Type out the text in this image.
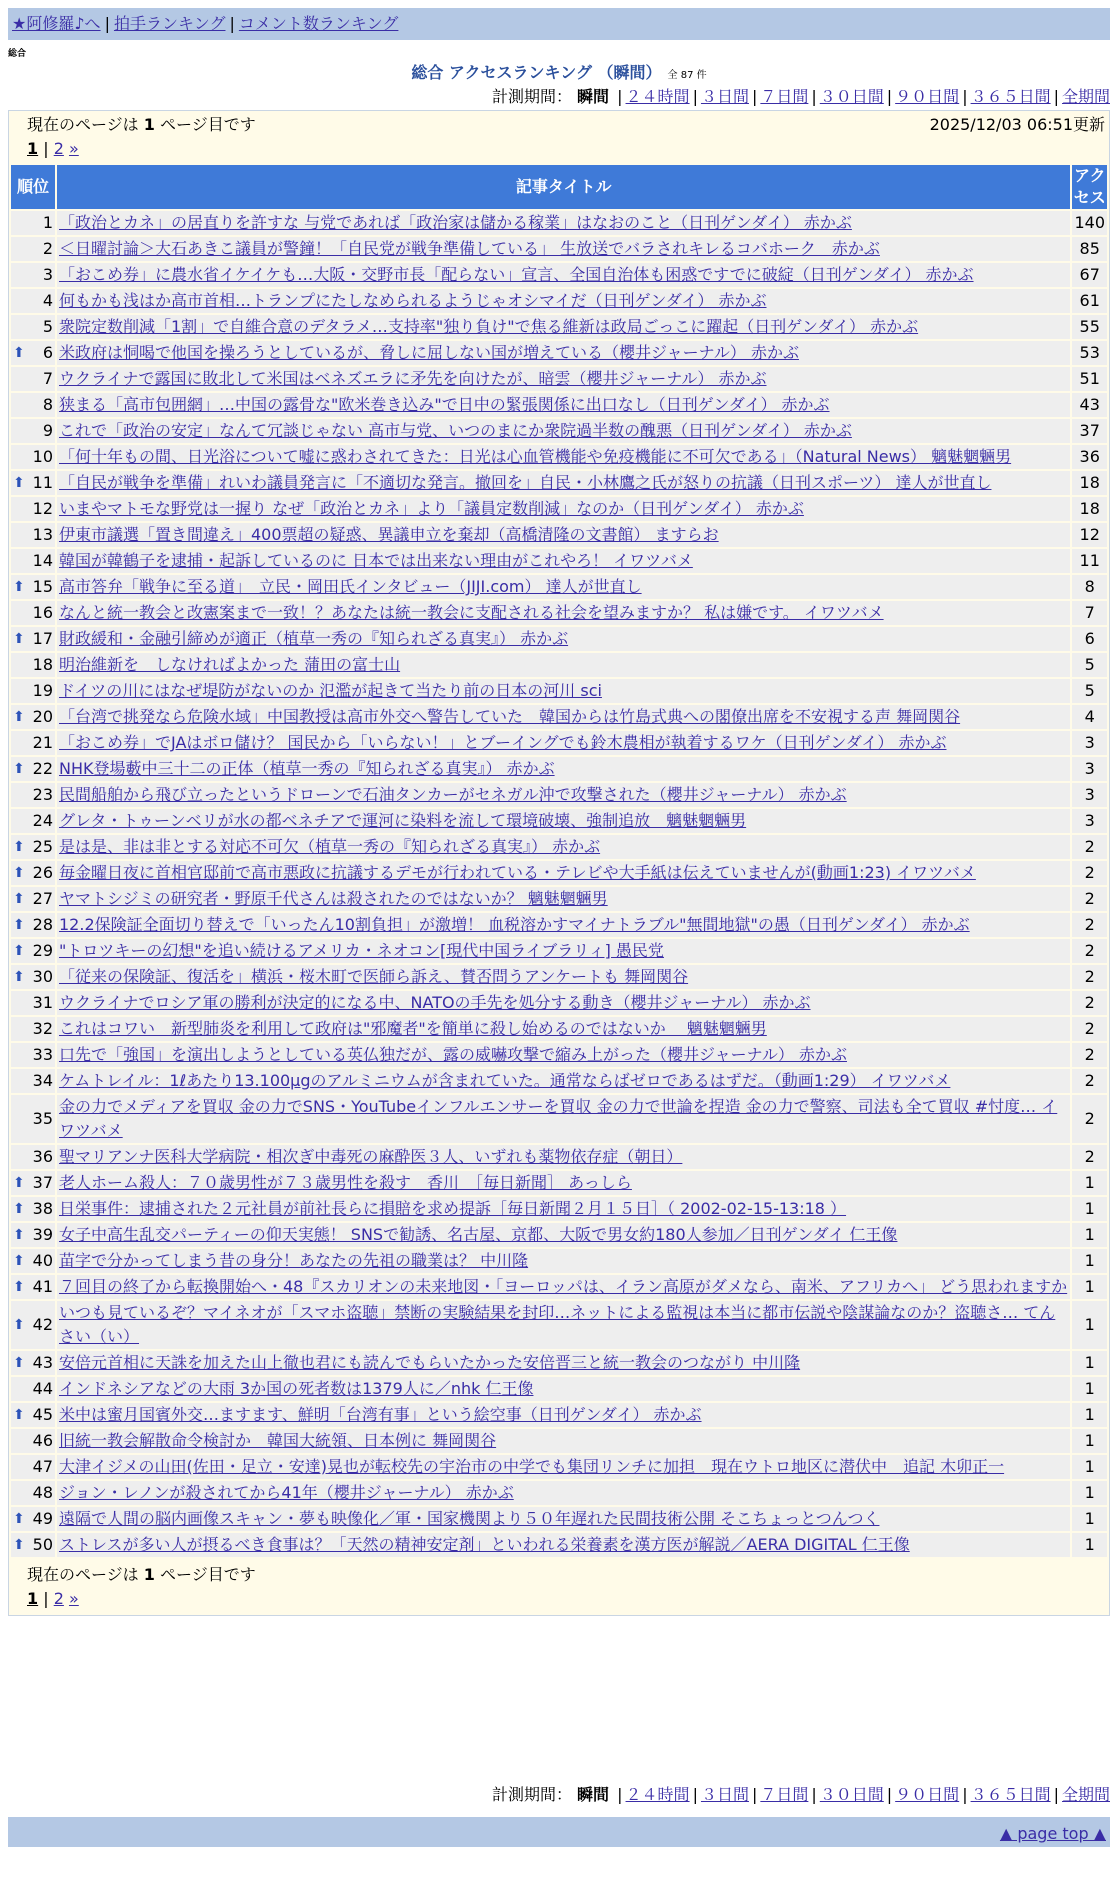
★阿修羅♪へ | 拍手ランキング | コメント数ランキング
総合
総合 アクセスランキング （瞬間） 全 87 件
計測期間： 瞬間 | ２４時間 | ３日間 | ７日間 | ３０日間 | ９０日間 | ３６５日間 | 全期間
現在のページは 1 ページ目です	2025/12/03 06:51更新
1 | 2 »
順位	記事タイトル	アクセス
1	「政治とカネ」の居直りを許すな 与党であれば「政治家は儲かる稼業」はなおのこと（日刊ゲンダイ） 赤かぶ	140
2	＜日曜討論＞大石あきこ議員が警鐘！「自民党が戦争準備している」 生放送でバラされキレるコバホーク　赤かぶ	85
3	「おこめ券」に農水省イケイケも…大阪・交野市長「配らない」宣言、全国自治体も困惑ですでに破綻（日刊ゲンダイ） 赤かぶ	67
4	何もかも浅はか高市首相…トランプにたしなめられるようじゃオシマイだ（日刊ゲンダイ） 赤かぶ	61
5	衆院定数削減「1割」で自維合意のデタラメ…支持率"独り負け"で焦る維新は政局ごっこに躍起（日刊ゲンダイ） 赤かぶ	55

⬆ 6	米政府は恫喝で他国を操ろうとしているが、脅しに屈しない国が増えている（櫻井ジャーナル） 赤かぶ	53
7	ウクライナで露国に敗北して米国はベネズエラに矛先を向けたが、暗雲（櫻井ジャーナル） 赤かぶ	51
8	狭まる「高市包囲網」…中国の露骨な"欧米巻き込み"で日中の緊張関係に出口なし（日刊ゲンダイ） 赤かぶ	43
9	これで「政治の安定」なんて冗談じゃない 高市与党、いつのまにか衆院過半数の醜悪（日刊ゲンダイ） 赤かぶ	37
10	「何十年もの間、日光浴について嘘に惑わされてきた：日光は心血管機能や免疫機能に不可欠である」（Natural News） 魑魅魍魎男	36

⬆ 11	「自民が戦争を準備」れいわ議員発言に「不適切な発言。撤回を」自民・小林鷹之氏が怒りの抗議（日刊スポーツ） 達人が世直し	18
12	いまやマトモな野党は一握り なぜ「政治とカネ」より「議員定数削減」なのか（日刊ゲンダイ） 赤かぶ	18
13	伊東市議選「置き間違え」400票超の疑惑、異議申立を棄却（高橋清隆の文書館） ますらお	12
14	韓国が韓鶴子を逮捕・起訴しているのに 日本では出来ない理由がこれやろ！ イワツバメ	11

⬆ 15	高市答弁「戦争に至る道」　立民・岡田氏インタビュー（JIJI.com） 達人が世直し	8
16	なんと統一教会と改憲案まで一致！？あなたは統一教会に支配される社会を望みますか？ 私は嫌です。 イワツバメ	7

⬆ 17	財政緩和・金融引締めが適正（植草一秀の『知られざる真実』） 赤かぶ	6
18	明治維新を　しなければよかった 蒲田の富士山	5
19	ドイツの川にはなぜ堤防がないのか 氾濫が起きて当たり前の日本の河川 sci	5

⬆ 20	「台湾で挑発なら危険水域」中国教授は高市外交へ警告していた　韓国からは竹島式典への閣僚出席を不安視する声 舞岡関谷	4
21	「おこめ券」でJAはボロ儲け？ 国民から「いらない！」とブーイングでも鈴木農相が執着するワケ（日刊ゲンダイ） 赤かぶ	3

⬆ 22	NHK登場藪中三十二の正体（植草一秀の『知られざる真実』） 赤かぶ	3
23	民間船舶から飛び立ったというドローンで石油タンカーがセネガル沖で攻撃された（櫻井ジャーナル） 赤かぶ	3
24	グレタ・トゥーンベリが水の都ベネチアで運河に染料を流して環境破壊、強制追放　魑魅魍魎男	3

⬆ 25	是は是、非は非とする対応不可欠（植草一秀の『知られざる真実』） 赤かぶ	2

⬆ 26	毎金曜日夜に首相官邸前で高市悪政に抗議するデモが行われている・テレビや大手紙は伝えていませんが(動画1:23) イワツバメ	2

⬆ 27	ヤマトシジミの研究者・野原千代さんは殺されたのではないか？ 魑魅魍魎男	2

⬆ 28	12.2保険証全面切り替えで「いったん10割負担」が激増！ 血税溶かすマイナトラブル"無間地獄"の愚（日刊ゲンダイ） 赤かぶ	2

⬆ 29	"トロツキーの幻想"を追い続けるアメリカ・ネオコン[現代中国ライブラリィ] 愚民党	2

⬆ 30	「従来の保険証、復活を」横浜・桜木町で医師ら訴え、賛否問うアンケートも 舞岡関谷	2
31	ウクライナでロシア軍の勝利が決定的になる中、NATOの手先を処分する動き（櫻井ジャーナル） 赤かぶ	2
32	これはコワい　新型肺炎を利用して政府は"邪魔者"を簡単に殺し始めるのではないか　 魑魅魍魎男	2
33	口先で「強国」を演出しようとしている英仏独だが、露の威嚇攻撃で縮み上がった（櫻井ジャーナル） 赤かぶ	2
34	ケムトレイル：1ℓあたり13.100μgのアルミニウムが含まれていた。通常ならばゼロであるはずだ。（動画1:29） イワツバメ	2
35	金の力でメディアを買収 金の力でSNS・YouTubeインフルエンサーを買収 金の力で世論を捏造 金の力で警察、司法も全て買収 #忖度… イワツバメ	2
36	聖マリアンナ医科大学病院・相次ぎ中毒死の麻酔医３人、いずれも薬物依存症（朝日）	2

⬆ 37	老人ホーム殺人：７０歳男性が７３歳男性を殺す　香川　［毎日新聞］ あっしら	1

⬆ 38	日栄事件：逮捕された２元社員が前社長らに損賠を求め提訴［毎日新聞２月１５日］（ 2002-02-15-13:18 ）	1

⬆ 39	女子中高生乱交パーティーの仰天実態！ SNSで勧誘、名古屋、京都、大阪で男女約180人参加／日刊ゲンダイ 仁王像	1

⬆ 40	苗字で分かってしまう昔の身分！あなたの先祖の職業は？ 中川隆	1

⬆ 41	７回目の終了から転換開始へ・48『スカリオンの未来地図・「ヨーロッパは、イラン高原がダメなら、南米、アフリカへ」 どう思われますか	1

⬆ 42	いつも見ているぞ？マイネオが「スマホ盗聴」禁断の実験結果を封印…ネットによる監視は本当に都市伝説や陰謀論なのか？盗聴さ… てんさい（い）	1

⬆ 43	安倍元首相に天誅を加えた山上徹也君にも読んでもらいたかった安倍晋三と統一教会のつながり 中川隆	1
44	インドネシアなどの大雨 3か国の死者数は1379人に／nhk 仁王像	1

⬆ 45	米中は蜜月国賓外交…ますます、鮮明「台湾有事」という絵空事（日刊ゲンダイ） 赤かぶ	1
46	旧統一教会解散命令検討か　韓国大統領、日本例に 舞岡関谷	1
47	大津イジメの山田(佐田・足立・安達)晃也が転校先の宇治市の中学でも集団リンチに加担　現在ウトロ地区に潜伏中　追記 木卯正一	1
48	ジョン・レノンが殺されてから41年（櫻井ジャーナル） 赤かぶ	1

⬆ 49	遠隔で人間の脳内画像スキャン・夢も映像化／軍・国家機関より５０年遅れた民間技術公開 そこちょっとつんつく	1

⬆ 50	ストレスが多い人が摂るべき食事は？「天然の精神安定剤」といわれる栄養素を漢方医が解説／AERA DIGITAL 仁王像	1
現在のページは 1 ページ目です
1 | 2 »
計測期間： 瞬間 | ２４時間 | ３日間 | ７日間 | ３０日間 | ９０日間 | ３６５日間 | 全期間
▲ page top ▲
